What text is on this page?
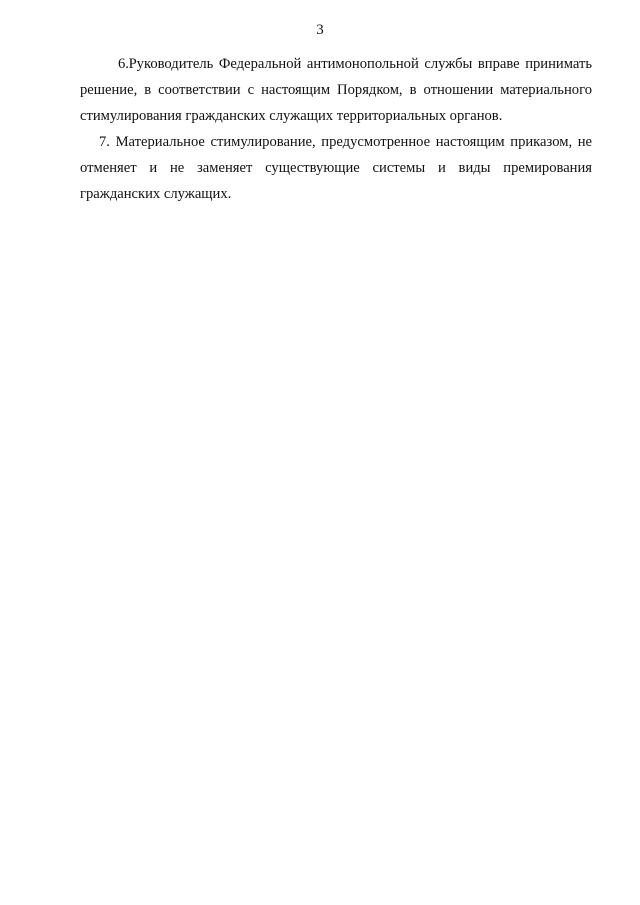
3

6. Руководитель Федеральной антимонопольной службы вправе принимать решение, в соответствии с настоящим Порядком, в отношении материального стимулирования гражданских служащих территориальных органов.

7. Материальное стимулирование, предусмотренное настоящим приказом, не отменяет и не заменяет существующие системы и виды премирования гражданских служащих.
